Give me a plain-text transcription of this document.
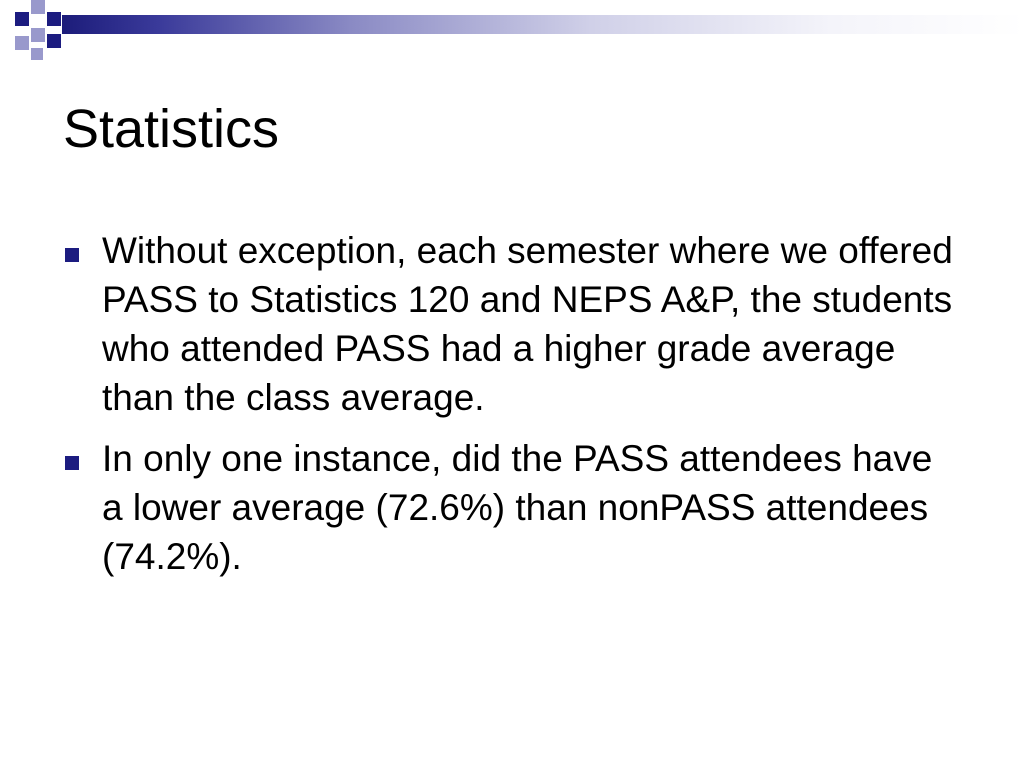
Statistics
Without exception, each semester where we offered PASS to Statistics 120 and NEPS A&P, the students who attended PASS had a higher grade average than the class average.
In only one instance, did the PASS attendees have a lower average (72.6%) than nonPASS attendees (74.2%).
